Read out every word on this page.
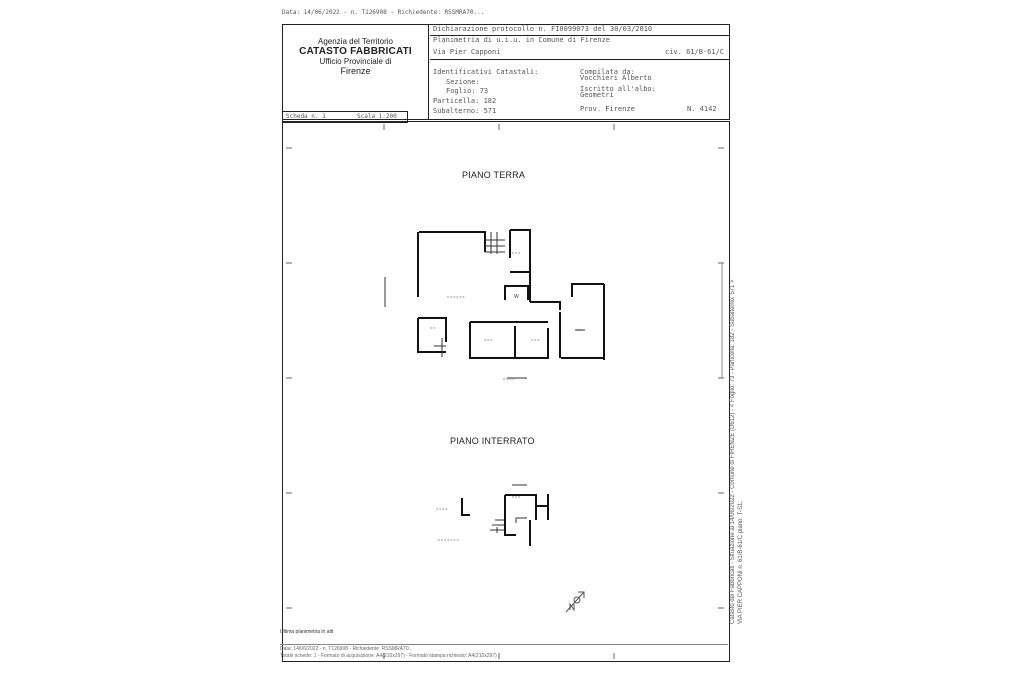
Data: 14/06/2022 - n. T126908 - Richiedente: RSSMRA70...
Agenzia del Territorio
CATASTO FABBRICATI
Ufficio Provinciale di
Firenze
Dichiarazione protocollo n. FI0099073 del 30/03/2010
Planimetria di u.i.u. in Comune di Firenze
Via Pier Capponi	civ. 61/B-61/C
Identificativi Catastali:
Sezione:
Foglio: 73
Particella: 182
Subalterno: 571
Compilata da:
Vocchieri Alberto
Iscritto all'albo:
Geometri
Prov. Firenze	N. 4142
Scheda n. 1	Scala 1:200
PIANO TERRA
PIANO INTERRATO
x x x x x x
x x x
x x x	x x x
x x	x x
x x x x
W
x x x x
x x x x x x x
x x x
Ultima planimetria in atti
Data: 14/06/2022 - n. T126908 - Richiedente: RSSMRA70...
Totale schede: 1 - Formato di acquisizione: A4(210x297) - Formato stampa richiesto: A4(210x297)
Catasto dei Fabbricati - Situazione al 14/06/2022 - Comune di FIRENZE (D612) - < Foglio: 73 - Particella: 182 - Subalterno: 571 > VIA PIER CAPPONI n. 61/B-61/C piano: T-S1;
